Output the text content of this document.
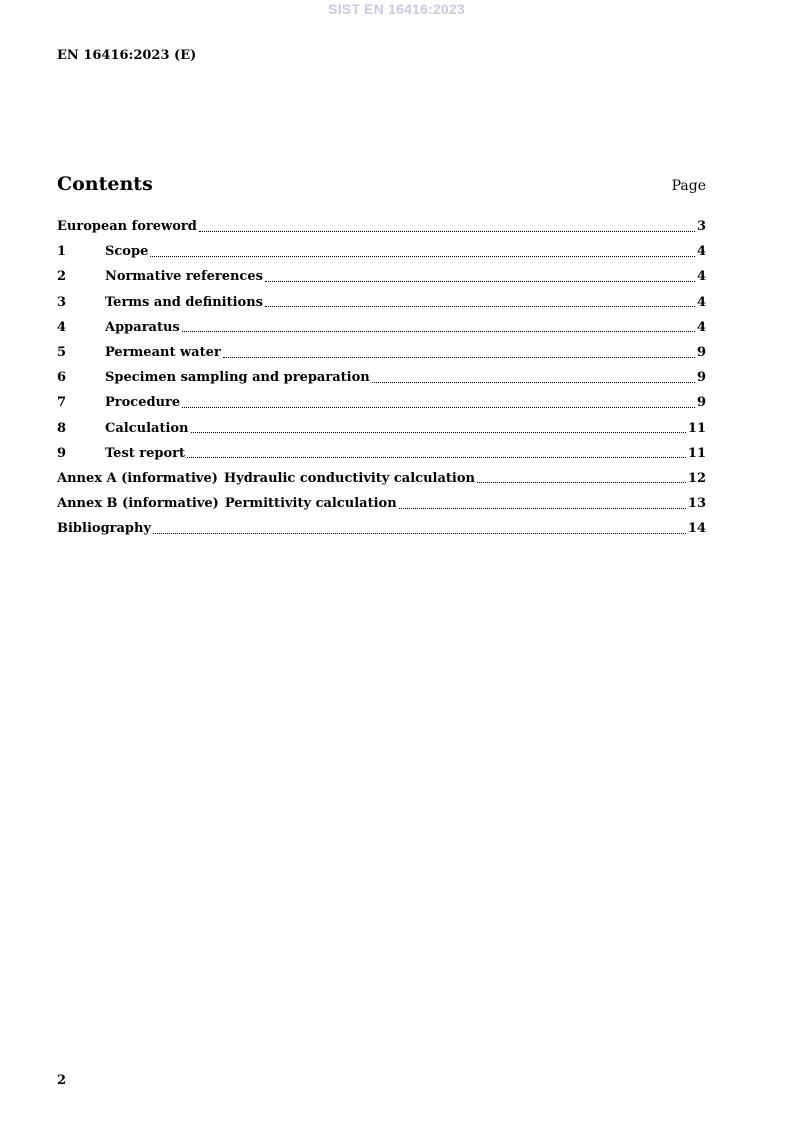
SIST EN 16416:2023
EN 16416:2023 (E)
Contents	Page
European foreword	3
1	Scope	4
2	Normative references	4
3	Terms and definitions	4
4	Apparatus	4
5	Permeant water	9
6	Specimen sampling and preparation	9
7	Procedure	9
8	Calculation	11
9	Test report	11
Annex A (informative) Hydraulic conductivity calculation	12
Annex B (informative) Permittivity calculation	13
Bibliography	14
2
